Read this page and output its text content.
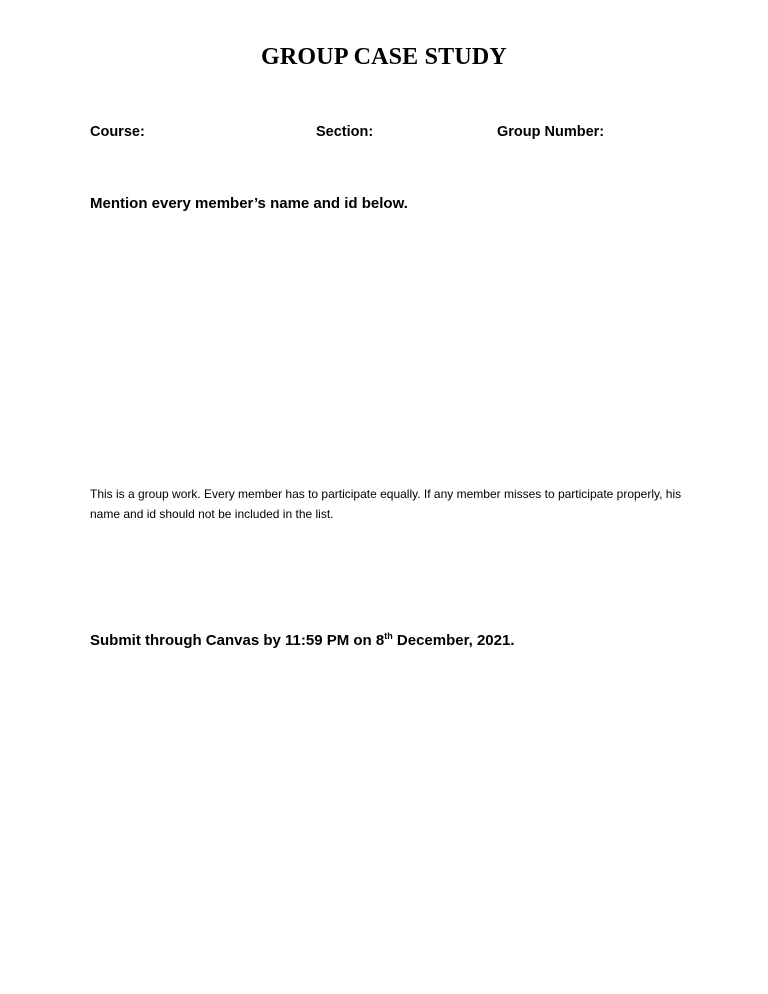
GROUP CASE STUDY
Course:	Section:	Group Number:
Mention every member’s name and id below.
This is a group work. Every member has to participate equally. If any member misses to participate properly, his name and id should not be included in the list.
Submit through Canvas by 11:59 PM on 8th December, 2021.
